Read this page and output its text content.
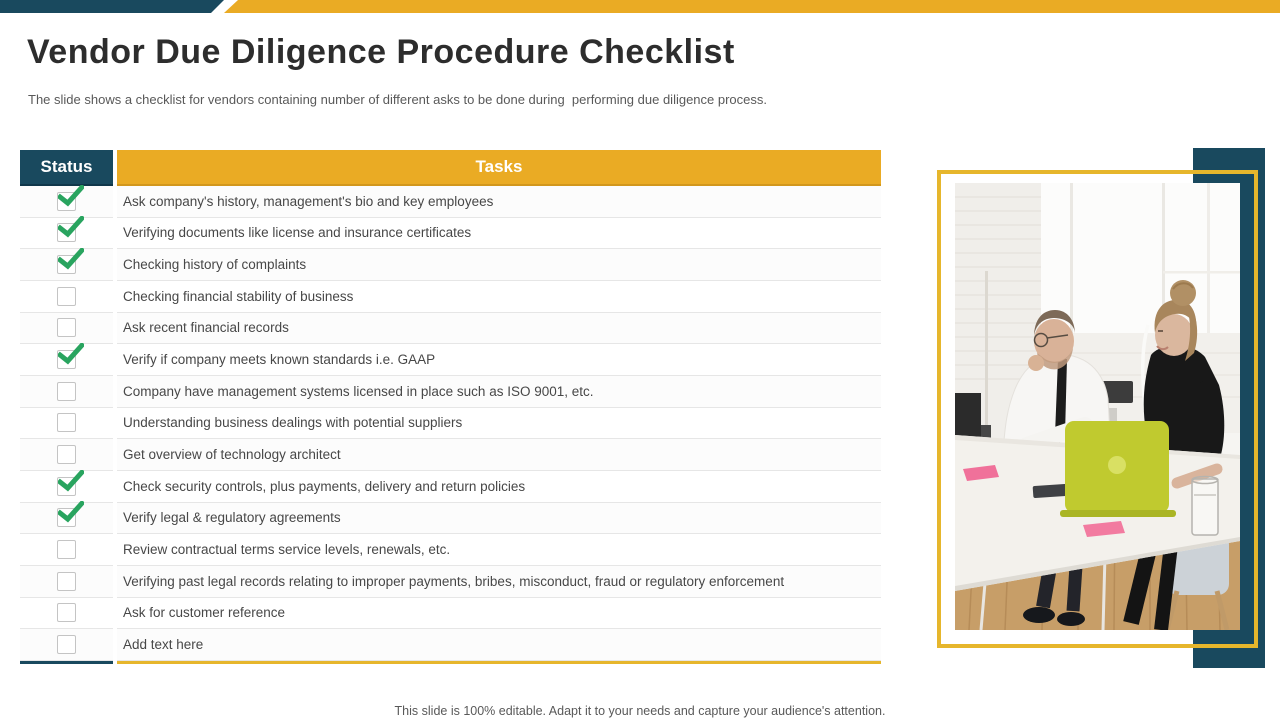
Vendor Due Diligence Procedure Checklist
The slide shows a checklist for vendors containing number of different asks to be done during  performing due diligence process.
Status	Tasks
Ask company's history, management's bio and key employees
Verifying documents like license and insurance certificates
Checking history of complaints
Checking financial stability of business
Ask recent financial records
Verify if company meets known standards i.e. GAAP
Company have management systems licensed in place such as ISO 9001, etc.
Understanding business dealings with potential suppliers
Get overview of technology architect
Check security controls, plus payments, delivery and return policies
Verify legal & regulatory agreements
Review contractual terms service levels, renewals, etc.
Verifying past legal records relating to improper payments, bribes, misconduct, fraud or regulatory enforcement
Ask for customer reference
Add text here
This slide is 100% editable. Adapt it to your needs and capture your audience's attention.
